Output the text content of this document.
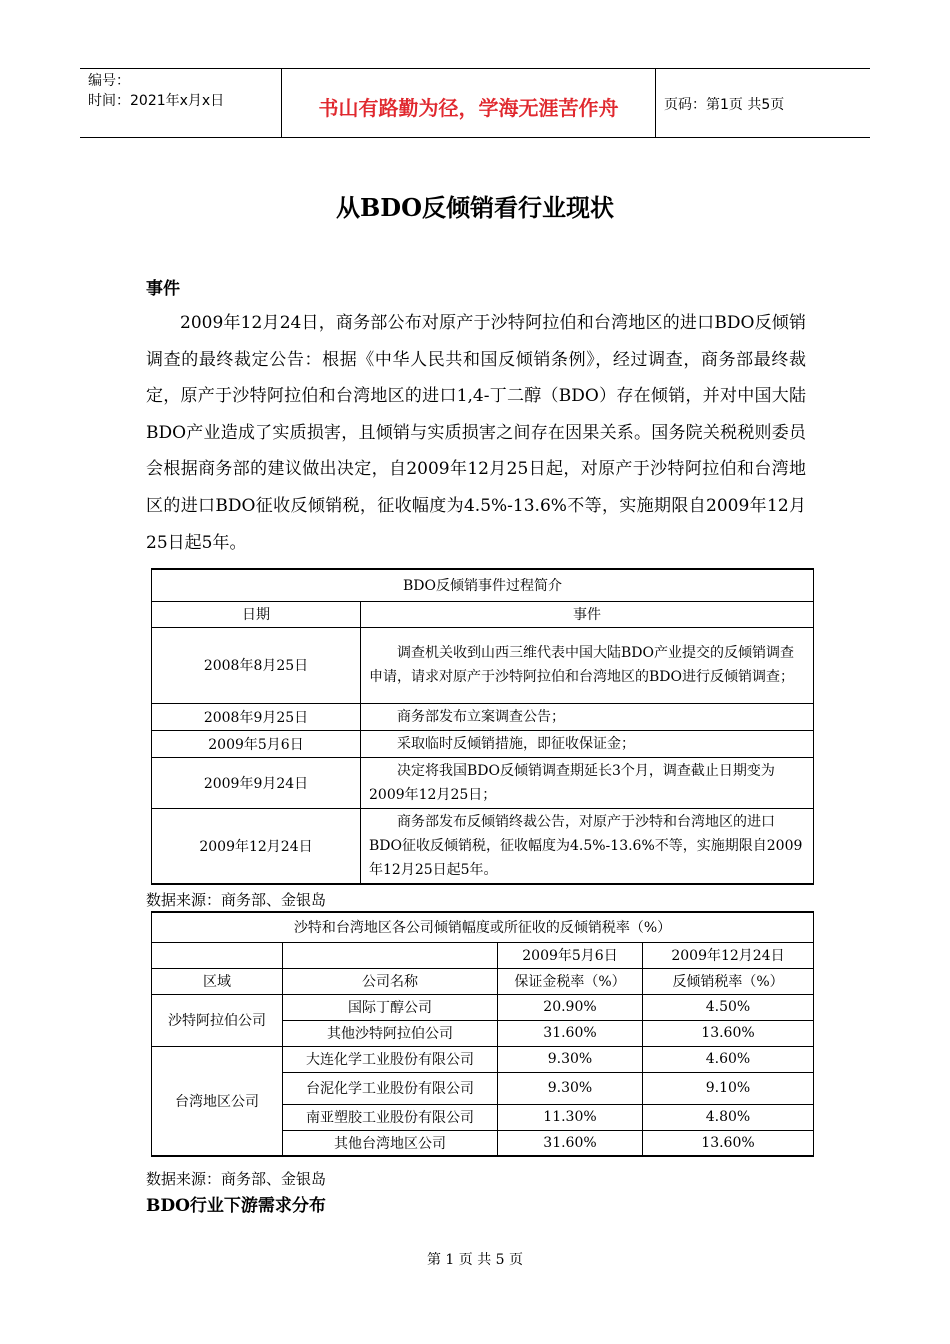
编号：
时间：2021年x月x日	书山有路勤为径，学海无涯苦作舟	页码：第1页 共5页
从BDO反倾销看行业现状
事件
2009年12月24日，商务部公布对原产于沙特阿拉伯和台湾地区的进口BDO反倾销调查的最终裁定公告：根据《中华人民共和国反倾销条例》，经过调查，商务部最终裁定，原产于沙特阿拉伯和台湾地区的进口1,4-丁二醇（BDO）存在倾销，并对中国大陆BDO产业造成了实质损害，且倾销与实质损害之间存在因果关系。国务院关税税则委员会根据商务部的建议做出决定，自2009年12月25日起，对原产于沙特阿拉伯和台湾地区的进口BDO征收反倾销税，征收幅度为4.5%-13.6%不等，实施期限自2009年12月25日起5年。
BDO反倾销事件过程简介	
日期	事件
2008年8月25日	调查机关收到山西三维代表中国大陆BDO产业提交的反倾销调查申请，请求对原产于沙特阿拉伯和台湾地区的BDO进行反倾销调查；

2008年9月25日	商务部发布立案调查公告；

2009年5月6日	采取临时反倾销措施，即征收保证金；

2009年9月24日	决定将我国BDO反倾销调查期延长3个月，调查截止日期变为2009年12月25日；

2009年12月24日	商务部发布反倾销终裁公告，对原产于沙特和台湾地区的进口BDO征收反倾销税，征收幅度为4.5%-13.6%不等，实施期限自2009年12月25日起5年。
数据来源：商务部、金银岛
沙特和台湾地区各公司倾销幅度或所征收的反倾销税率（%）			
		2009年5月6日	2009年12月24日
区域	公司名称	保证金税率（%）	反倾销税率（%）
沙特阿拉伯公司	国际丁醇公司	20.90%	4.50%
	其他沙特阿拉伯公司	31.60%	13.60%
台湾地区公司	大连化学工业股份有限公司	9.30%	4.60%
	台泥化学工业股份有限公司	9.30%	9.10%
	南亚塑胶工业股份有限公司	11.30%	4.80%
	其他台湾地区公司	31.60%	13.60%
数据来源：商务部、金银岛
BDO行业下游需求分布
第 1 页 共 5 页
